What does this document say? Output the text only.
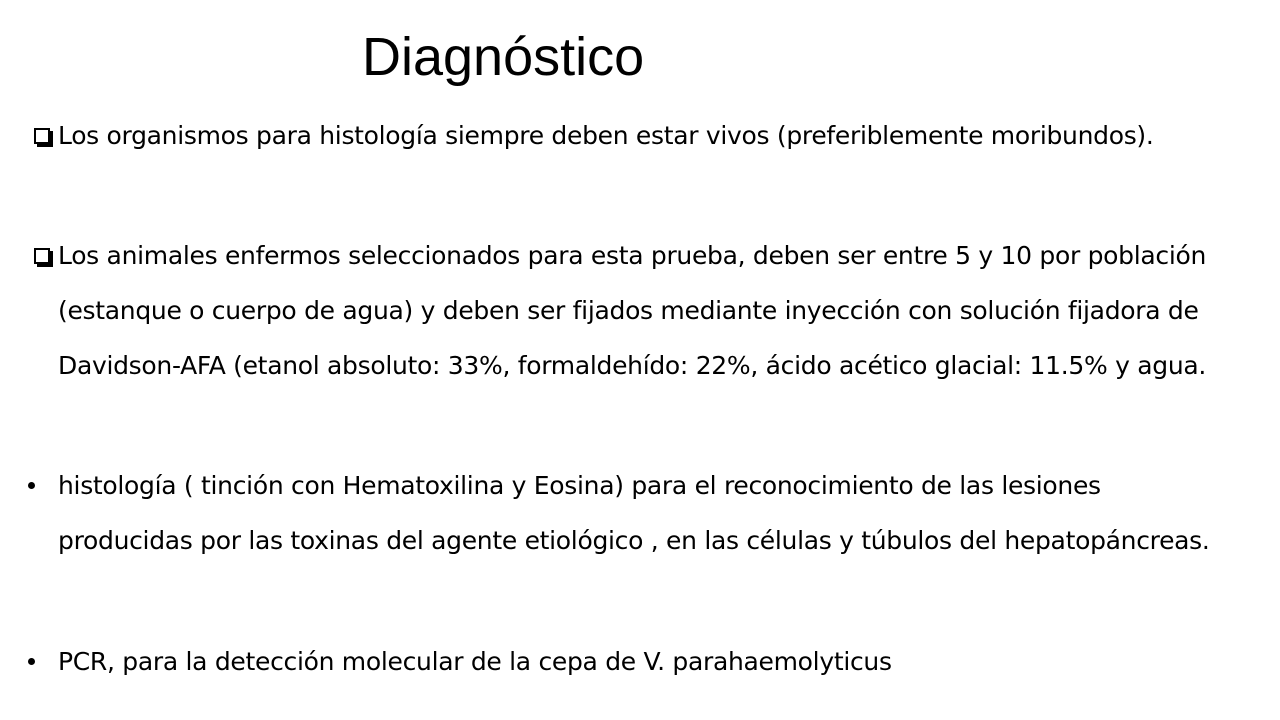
Diagnóstico
Los organismos para histología siempre deben estar vivos (preferiblemente moribundos).
Los animales enfermos seleccionados para esta prueba, deben ser entre 5 y 10 por población (estanque o cuerpo de agua) y deben ser fijados mediante inyección con solución fijadora de Davidson-AFA (etanol absoluto: 33%, formaldehído: 22%, ácido acético glacial: 11.5% y agua.
histología ( tinción con Hematoxilina y Eosina) para el reconocimiento de las lesiones producidas por las toxinas del agente etiológico , en las células y túbulos del hepatopáncreas.
PCR, para la detección molecular de la cepa de V. parahaemolyticus
